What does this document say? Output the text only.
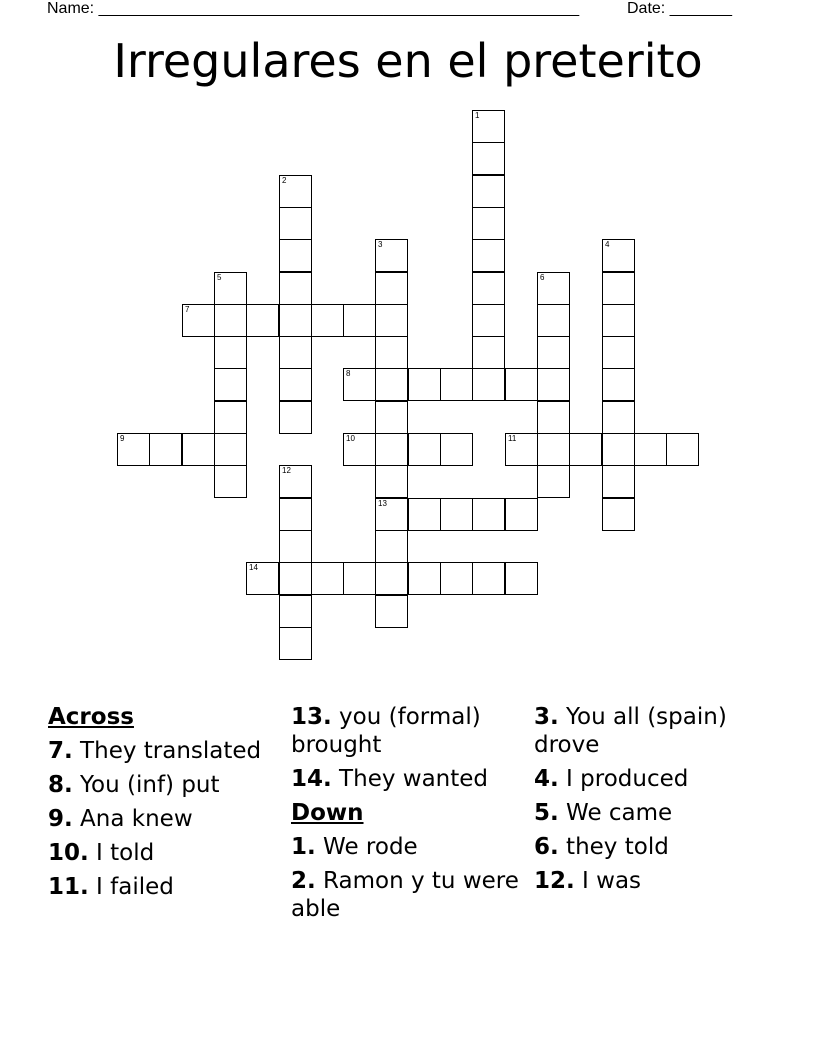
Name: ______________________________________________________	Date: _______
Irregulares en el preterito
1
2
3
13
4
5	6
7
8
9	10	11
12
14
Across
7. They translated
8. You (inf) put
9. Ana knew
10. I told
11. I failed
13. you (formal) brought
14. They wanted
Down
1. We rode
2. Ramon y tu were able
3. You all (spain) drove
4. I produced
5. We came
6. they told
12. I was
